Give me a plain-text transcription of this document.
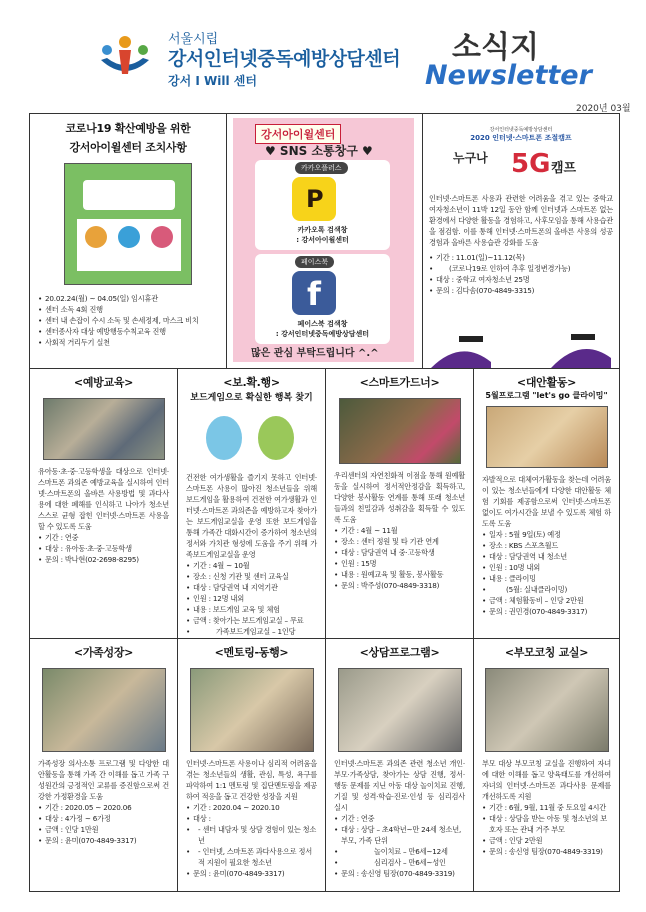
서울시립
강서인터넷중독예방상담센터
강서 I Will 센터
소식지
Newsletter
2020년 03월
코로나19 확산예방을 위한
강서아이윌센터 조치사항
• 20.02.24(월) ~ 04.05(일) 임시휴관
• 센터 소독 4회 진행
• 센터 내 손잡이 수시 소독 및 손세정제, 마스크 비치
• 센터종사자 대상 예방행동수칙교육 진행
• 사회적 거리두기 실천
강서아이윌센터
♥ SNS 소통창구 ♥
카카오플러스
P
카카오톡 검색창
: 강서아이윌센터
페이스북
f
페이스북 검색창
: 강서인터넷중독예방상담센터
많은 관심 부탁드립니다 ^.^
강서인터넷중독예방상담센터
2020 인터넷·스마트폰 조절캠프
누구나 5G 캠프

인터넷·스마트폰 사용과 관련한 어려움을 겪고 있는 중학교 여자청소년이 11박 12일 동안 함께 인터넷과 스마트폰 없는 환경에서 다양한 활동을 경험하고, 사후모임을 통해 사용습관을 점검함. 이를 통해 인터넷·스마트폰의 올바른 사용의 성공경험과 올바른 사용습관 강화를 도움

• 기간 : 11.01(일)~11.12(목)
• (코로나19로 인하여 추후 일정변경가능)
• 대상 : 중학교 여자청소년 25명
• 문의 : 김다솜(070-4849-3315)
<예방교육>

유아동·초·중·고등학생을 대상으로 인터넷·스마트폰 과의존 예방교육을 실시하여 인터넷·스마트폰의 올바른 사용방법 및 과다사용에 대한 폐해를 인식하고 나아가 청소년 스스로 균형 잡힌 인터넷·스마트폰 사용을 할 수 있도록 도움

• 기간 : 연중
• 대상 : 유아동·초·중·고등학생
• 문의 : 박나현(02-2698-8295)
<보.확.행>
보드게임으로 확실한 행복 찾기

건전한 여가생활을 즐기지 못하고 인터넷·스마트폰 사용이 많아진 청소년들을 위해 보드게임을 활용하여 건전한 여가생활과 인터넷·스마트폰 과의존을 예방하고자 찾아가는 보드게임교실을 운영 또한 보드게임을 통해 가족간 대화시간이 증가하여 청소년의 정서와 가치관 형성에 도움을 주기 위해 가족보드게임교실을 운영

• 기간 : 4월 ~ 10월
• 장소 : 신청 기관 및 센터 교육실
• 대상 : 담당권역 내 지역기관
• 인원 : 12명 내외
• 내용 : 보드게임 교육 및 체험
• 금액 : 찾아가는 보드게임교실 – 무료
• 가족보드게임교실 – 1인당
<스마트가드너>

우리센터의 자연친화적 이점을 통해 원예활동을 실시하여 정서적안정감을 획득하고, 다양한 봉사활동 연계를 통해 또래 청소년들과의 친밀감과 성취감을 획득할 수 있도록 도움

• 기간 : 4월 ~ 11월
• 장소 : 센터 정원 및 타 기관 연계
• 대상 : 담당권역 내 중·고등학생
• 인원 : 15명
• 내용 : 원예교육 및 활동, 봉사활동
• 문의 : 박주성(070-4849-3318)
<대안활동>
5월프로그램 "let's go 클라이밍"

자발적으로 대체여가활동을 찾는데 어려움이 있는 청소년들에게 다양한 대안활동 체험 기회를 제공함으로써 인터넷·스마트폰 없이도 여가시간을 보낼 수 있도록 체험 하도록 도움

• 일자 : 5월 9일(토) 예정
• 장소 : KBS 스포츠월드
• 대상 : 담당권역 내 청소년
• 인원 : 10명 내외
• 내용 : 클라이밍
• (5월: 실내클라이밍)
• 금액 : 체험활동비 – 인당 2만원
• 문의 : 권민경(070-4849-3317)
<가족성장>

가족성장 의사소통 프로그램 및 다양한 대안활동을 통해 가족 간 이해를 돕고 가족 구성원간의 긍정적인 교류를 증진함으로써 건강한 가정환경을 도움

• 기간 : 2020.05 ~ 2020.06
• 대상 : 4가정 ~ 6가정
• 금액 : 인당 1만원
• 문의 : 윤미(070-4849-3317)
<멘토링-동행>

인터넷·스마트폰 사용이나 심리적 어려움을 겪는 청소년들의 생활, 관심, 특성, 욕구를 파악하여 1:1 멘토링 및 집단멘토링을 제공하여 적응을 돕고 건강한 성장을 지원

• 기간 : 2020.04 ~ 2020.10
• 대상 :
• - 센터 내담자 및 상담 경험이 있는 청소년
• - 인터넷, 스마트폰 과다사용으로 정서적 지원이 필요한 청소년
• 문의 : 윤미(070-4849-3317)
<상담프로그램>

인터넷·스마트폰 과의존 관련 청소년 개인·부모·가족상담, 찾아가는 상담 진행, 정서·행동 문제를 지닌 아동 대상 놀이치료 진행, 기질 및 성격·학습·진로·인성 등 심리검사 실시

• 기간 : 연중
• 대상 : 상담 – 초4학년~만 24세 청소년, 부모, 가족 단위
• 놀이치료 – 만6세~12세
• 심리검사 – 만6세~성인
• 문의 : 송신영 팀장(070-4849-3319)
<부모코칭 교실>

부모 대상 부모코칭 교실을 진행하여 자녀에 대한 이해를 돕고 양육태도를 개선하여 자녀의 인터넷·스마트폰 과다사용 문제를 개선하도록 지원

• 기간 : 6월, 9월, 11월 중 토요일 4시간
• 대상 : 상담을 받는 아동 및 청소년의 보호자 또는 관내 거주 부모
• 금액 : 인당 2만원
• 문의 : 송신영 팀장(070-4849-3319)
